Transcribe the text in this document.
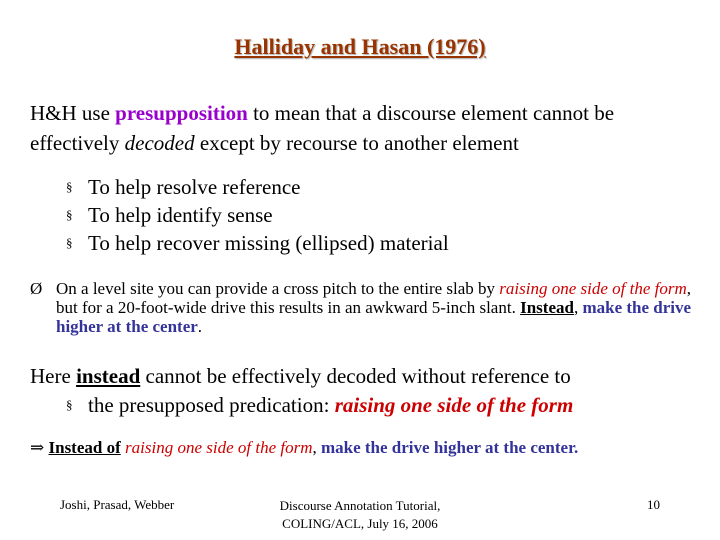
Halliday and Hasan (1976)
H&H use presupposition to mean that a discourse element cannot be effectively decoded except by recourse to another element
§ To help resolve reference
§ To help identify sense
§ To help recover missing (ellipsed) material
Ø On a level site you can provide a cross pitch to the entire slab by raising one side of the form, but for a 20-foot-wide drive this results in an awkward 5-inch slant. Instead, make the drive higher at the center.
Here instead cannot be effectively decoded without reference to
§ the presupposed predication: raising one side of the form
⇒ Instead of raising one side of the form, make the drive higher at the center.
Joshi, Prasad, Webber	Discourse Annotation Tutorial,
COLING/ACL, July 16, 2006
10
